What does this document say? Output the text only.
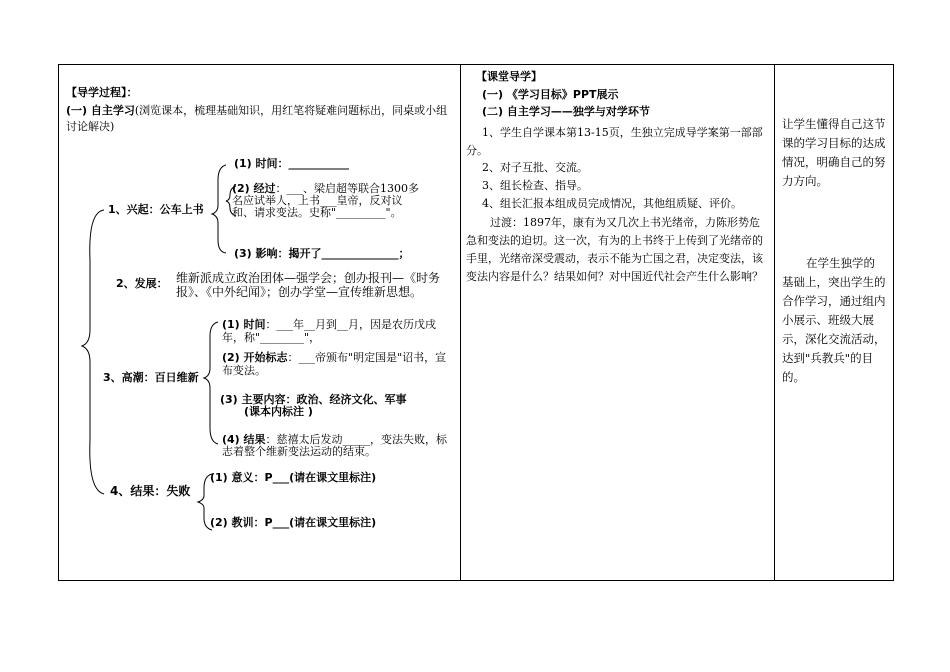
【导学过程】：
(一) 自主学习(浏览课本，梳理基础知识，用红笔将疑难问题标出，同桌或小组讨论解决)
1、兴起：公车上书
(1) 时间：___________
(2) 经过：___、梁启超等联合1300多名应试举人，上书___皇帝，反对议和、请求变法。史称"_________"。
(3) 影响：揭开了______________；
2、发展： 维新派成立政治团体—强学会；创办报刊—《时务报》、《中外纪闻》；创办学堂—宣传维新思想。
3、高潮：百日维新
(1) 时间：___年__月到__月，因是农历戊戌年，称"________"，
(2) 开始标志：___帝颁布"明定国是"诏书，宣布变法。
(3) 主要内容：政治、经济文化、军事
(课本内标注 )
(4) 结果：慈禧太后发动_____，变法失败，标志着整个维新变法运动的结束。
4、结果：失败
(1) 意义：P___(请在课文里标注)
(2) 教训：P___(请在课文里标注)
【课堂导学】
(一) 《学习目标》PPT展示
(二) 自主学习——独学与对学环节
1、学生自学课本第13-15页，生独立完成导学案第一部部分。
2、对子互批、交流。
3、组长检查、指导。
4、组长汇报本组成员完成情况，其他组质疑、评价。
过渡：1897年，康有为又几次上书光绪帝，力陈形势危急和变法的迫切。这一次，有为的上书终于上传到了光绪帝的手里，光绪帝深受震动，表示不能为亡国之君，决定变法，该变法内容是什么？结果如何？对中国近代社会产生什么影响？
让学生懂得自己这节课的学习目标的达成情况，明确自己的努力方向。
在学生独学的基础上，突出学生的合作学习，通过组内小展示、班级大展示，深化交流活动，达到"兵教兵"的目的。
